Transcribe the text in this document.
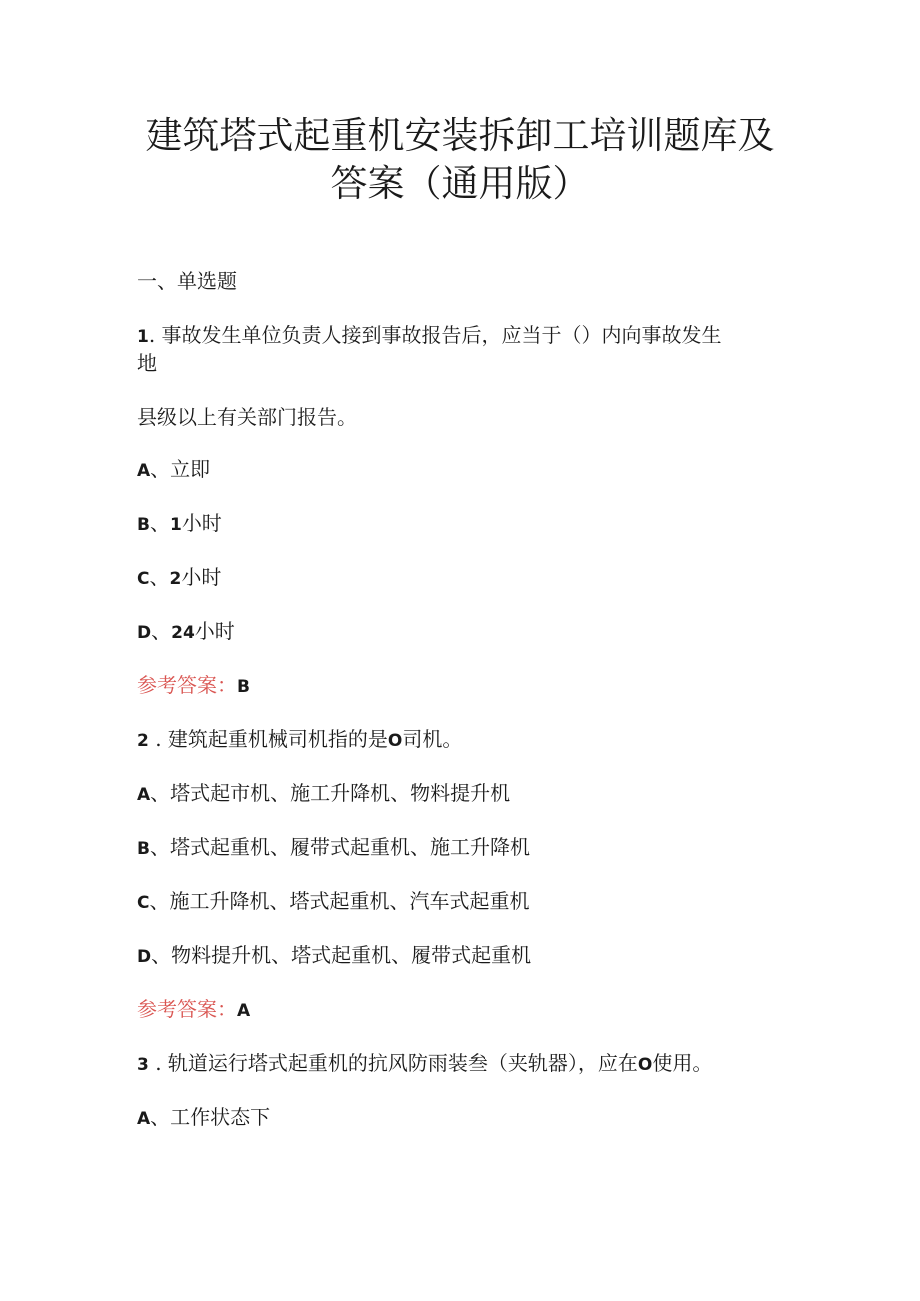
建筑塔式起重机安装拆卸工培训题库及
答案（通用版）

一、单选题

1. 事故发生单位负责人接到事故报告后，应当于（）内向事故发生

地

县级以上有关部门报告。

A、立即

B、1小时

C、2小时

D、24小时

参考答案：B

2 . 建筑起重机械司机指的是O司机。

A、塔式起市机、施工升降机、物料提升机

B、塔式起重机、履带式起重机、施工升降机

C、施工升降机、塔式起重机、汽车式起重机

D、物料提升机、塔式起重机、履带式起重机

参考答案：A

3 . 轨道运行塔式起重机的抗风防雨装叁（夹轨器），应在O使用。

A、工作状态下
